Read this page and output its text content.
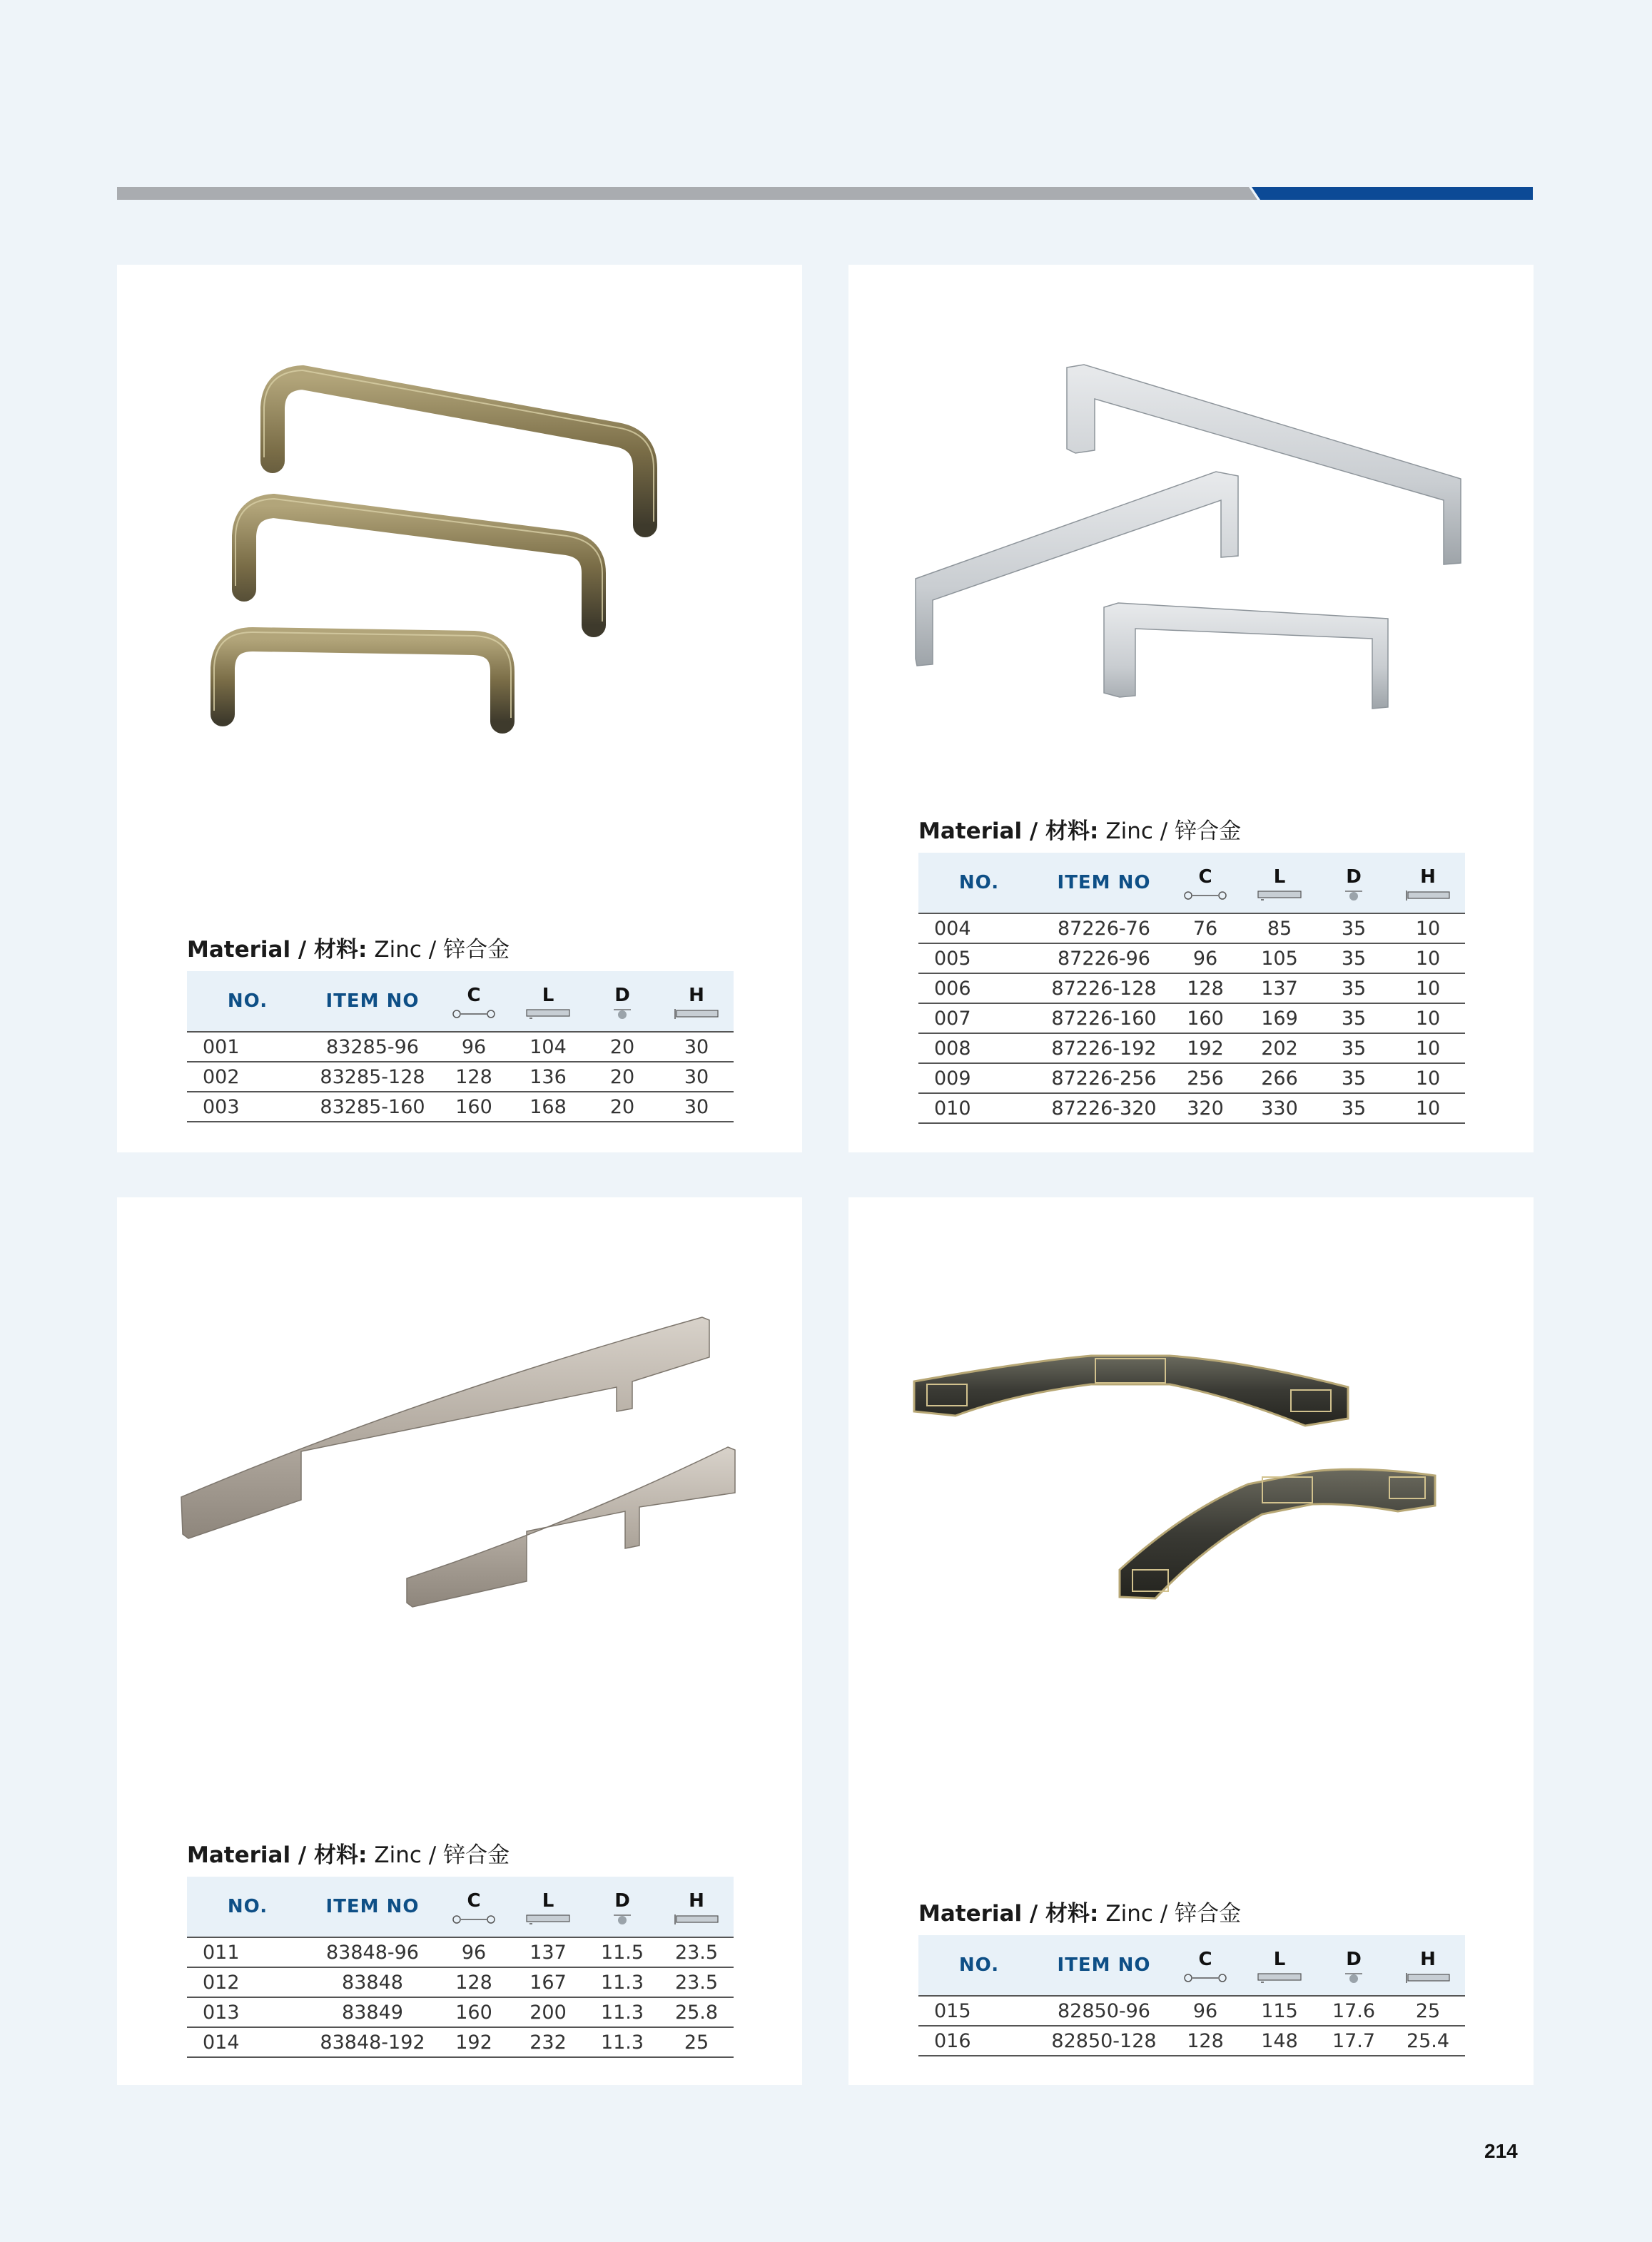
Material / 材料: Zinc / 锌合金
NO.	ITEM NO	C	L	D	H

001	83285-96	96	104	20	30
002	83285-128	128	136	20	30
003	83285-160	160	168	20	30
Material / 材料: Zinc / 锌合金
NO.	ITEM NO	C	L	D	H

004	87226-76	76	85	35	10
005	87226-96	96	105	35	10
006	87226-128	128	137	35	10
007	87226-160	160	169	35	10
008	87226-192	192	202	35	10
009	87226-256	256	266	35	10
010	87226-320	320	330	35	10
Material / 材料: Zinc / 锌合金
NO.	ITEM NO	C	L	D	H

011	83848-96	96	137	11.5	23.5
012	83848	128	167	11.3	23.5
013	83849	160	200	11.3	25.8
014	83848-192	192	232	11.3	25
Material / 材料: Zinc / 锌合金
NO.	ITEM NO	C	L	D	H

015	82850-96	96	115	17.6	25
016	82850-128	128	148	17.7	25.4
214
